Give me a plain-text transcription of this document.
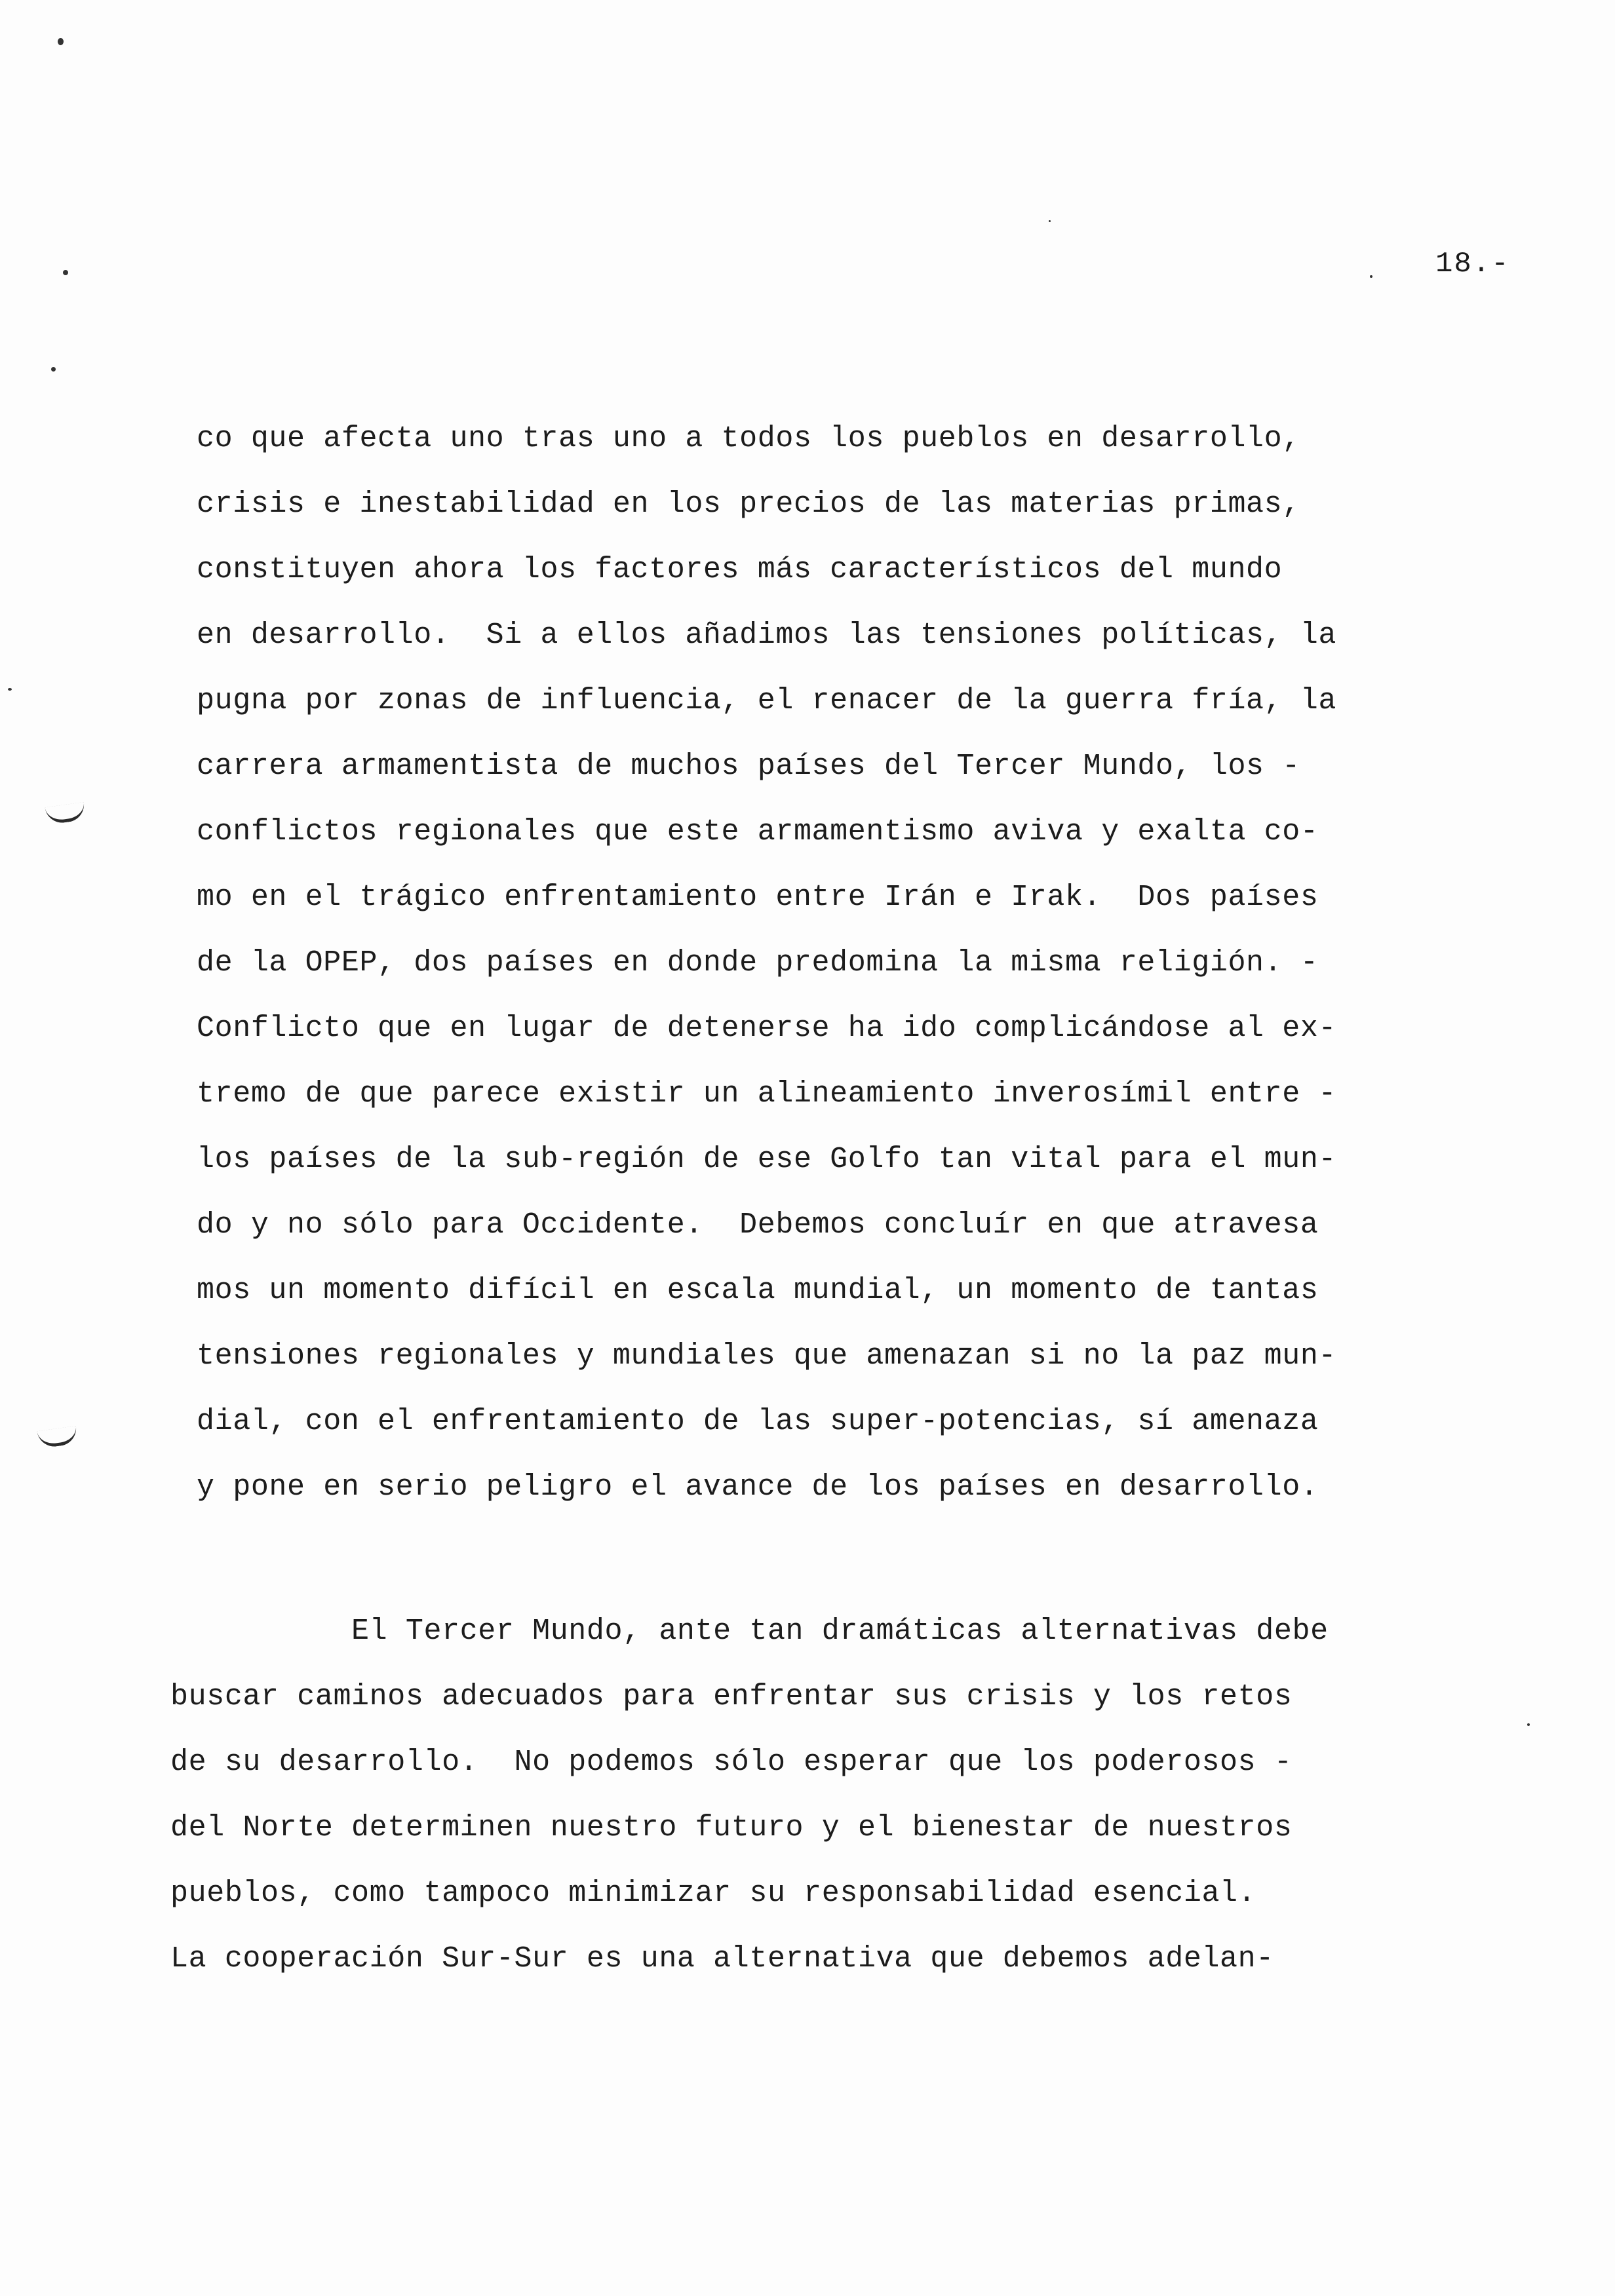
18.-
co que afecta uno tras uno a todos los pueblos en desarrollo,
crisis e inestabilidad en los precios de las materias primas,
constituyen ahora los factores más característicos del mundo
en desarrollo.  Si a ellos añadimos las tensiones políticas, la
pugna por zonas de influencia, el renacer de la guerra fría, la
carrera armamentista de muchos países del Tercer Mundo, los -
conflictos regionales que este armamentismo aviva y exalta co-
mo en el trágico enfrentamiento entre Irán e Irak.  Dos países
de la OPEP, dos países en donde predomina la misma religión. -
Conflicto que en lugar de detenerse ha ido complicándose al ex-
tremo de que parece existir un alineamiento inverosímil entre -
los países de la sub-región de ese Golfo tan vital para el mun-
do y no sólo para Occidente.  Debemos concluír en que atravesa
mos un momento difícil en escala mundial, un momento de tantas
tensiones regionales y mundiales que amenazan si no la paz mun-
dial, con el enfrentamiento de las super-potencias, sí amenaza
y pone en serio peligro el avance de los países en desarrollo.
El Tercer Mundo, ante tan dramáticas alternativas debe
buscar caminos adecuados para enfrentar sus crisis y los retos
de su desarrollo.  No podemos sólo esperar que los poderosos -
del Norte determinen nuestro futuro y el bienestar de nuestros
pueblos, como tampoco minimizar su responsabilidad esencial.
La cooperación Sur-Sur es una alternativa que debemos adelan-
